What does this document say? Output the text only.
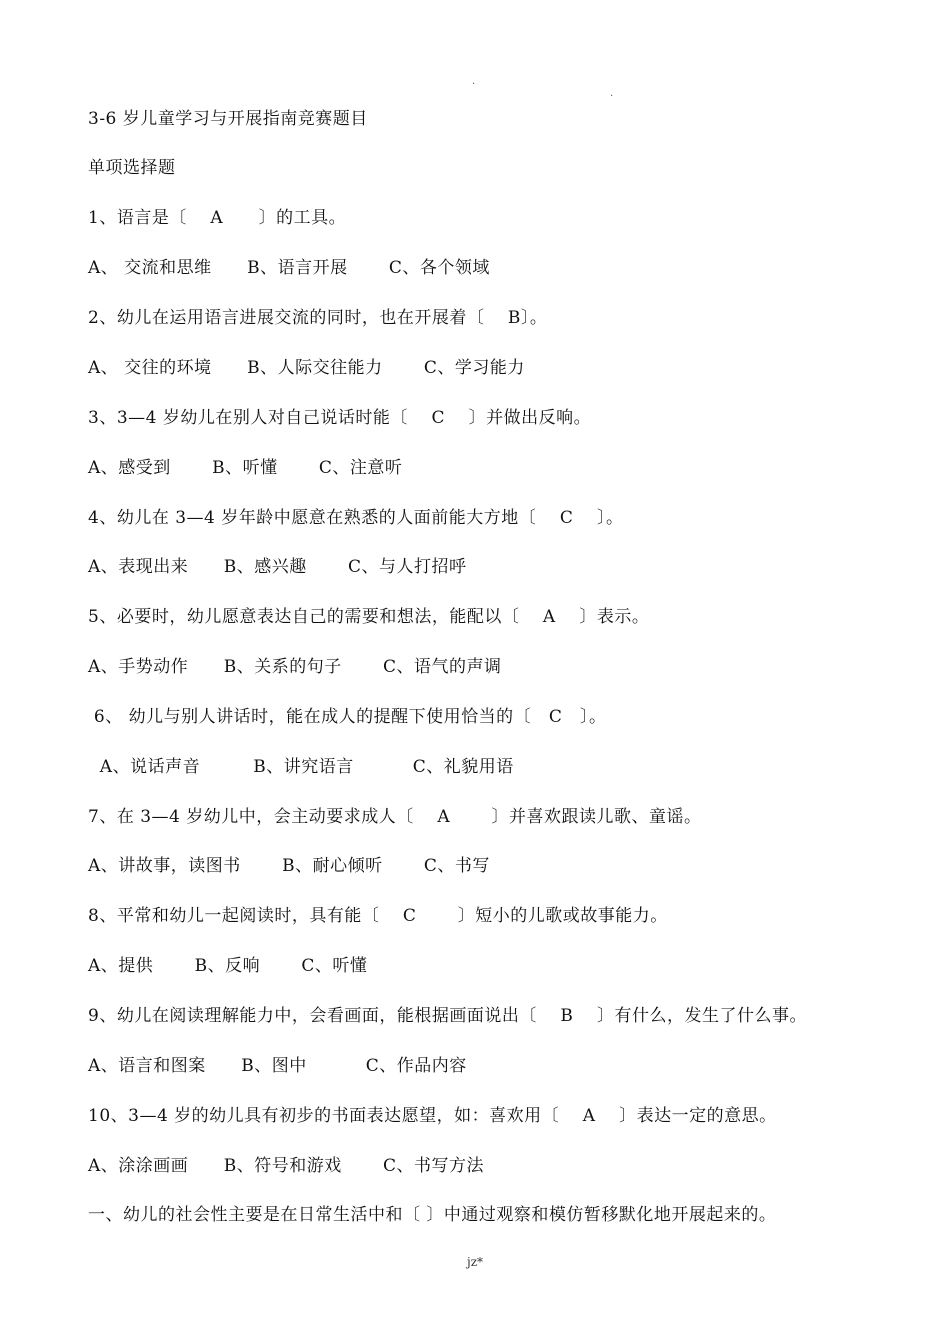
.
.
3-6 岁儿童学习与开展指南竞赛题目
单项选择题
1、语言是〔    A      〕的工具。
A、 交流和思维      B、语言开展       C、各个领域
2、幼儿在运用语言进展交流的同时，也在开展着〔    B〕。
A、 交往的环境      B、人际交往能力       C、学习能力
3、3—4 岁幼儿在别人对自己说话时能〔    C    〕并做出反响。
A、感受到       B、听懂       C、注意听
4、幼儿在 3—4 岁年龄中愿意在熟悉的人面前能大方地〔    C    〕。
A、表现出来      B、感兴趣       C、与人打招呼
5、必要时，幼儿愿意表达自己的需要和想法，能配以〔    A    〕表示。
A、手势动作      B、关系的句子       C、语气的声调
6、 幼儿与别人讲话时，能在成人的提醒下使用恰当的〔   C   〕。
A、说话声音         B、讲究语言          C、礼貌用语
7、在 3—4 岁幼儿中，会主动要求成人〔    A       〕并喜欢跟读儿歌、童谣。
A、讲故事，读图书       B、耐心倾听       C、书写
8、平常和幼儿一起阅读时，具有能〔    C       〕短小的儿歌或故事能力。
A、提供       B、反响       C、听懂
9、幼儿在阅读理解能力中，会看画面，能根据画面说出〔    B    〕有什么，发生了什么事。
A、语言和图案      B、图中          C、作品内容
10、3—4 岁的幼儿具有初步的书面表达愿望，如：喜欢用〔    A    〕表达一定的意思。
A、涂涂画画      B、符号和游戏       C、书写方法
一、幼儿的社会性主要是在日常生活中和〔 〕中通过观察和模仿暂移默化地开展起来的。
jz*
